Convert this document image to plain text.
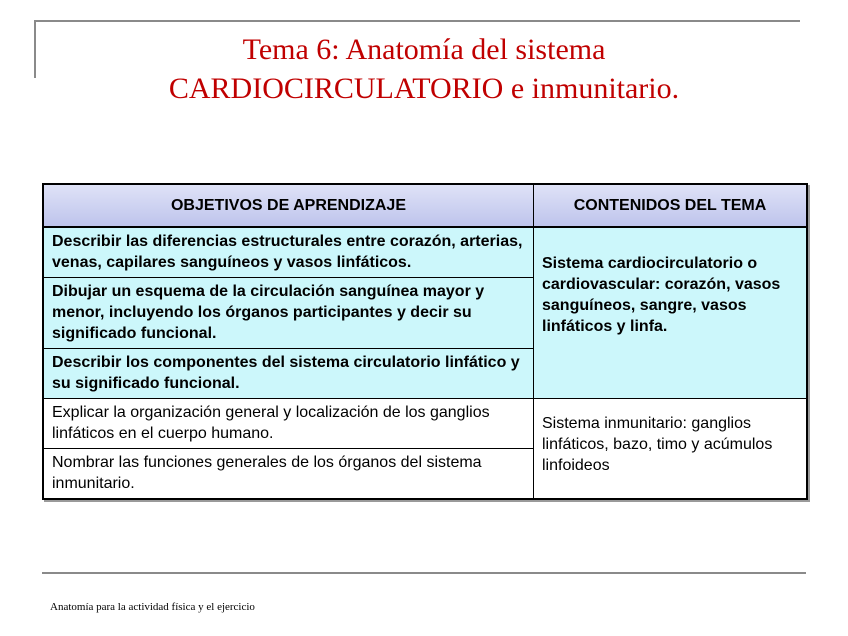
Tema 6: Anatomía del sistema
CARDIOCIRCULATORIO e inmunitario.
OBJETIVOS DE APRENDIZAJE	CONTENIDOS DEL TEMA
Describir las diferencias estructurales entre corazón, arterias, venas, capilares sanguíneos y vasos linfáticos.	Sistema cardiocirculatorio o cardiovascular: corazón, vasos sanguíneos, sangre, vasos linfáticos y linfa.
Dibujar un esquema de la circulación sanguínea mayor y menor, incluyendo los órganos participantes y decir su significado funcional.	
Describir los componentes del sistema circulatorio linfático y su significado funcional.	
Explicar la organización general y localización de los ganglios linfáticos en el cuerpo humano.	Sistema inmunitario: ganglios linfáticos, bazo, timo y acúmulos linfoideos
Nombrar las funciones generales de los órganos del sistema inmunitario.	
Anatomía para la actividad física y el ejercicio
